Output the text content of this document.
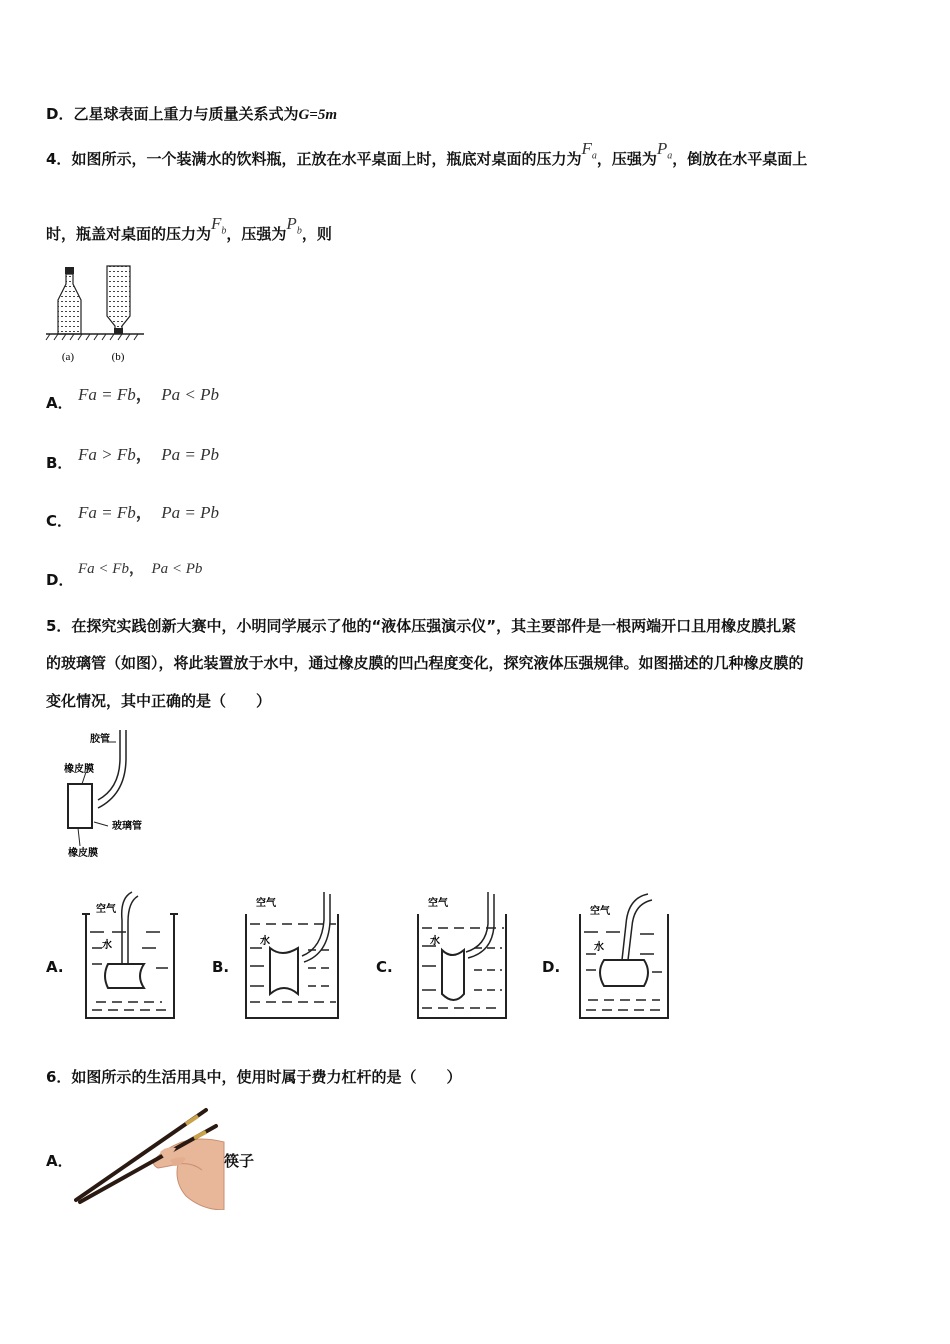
D．乙星球表面上重力与质量关系式为G=5m
4．如图所示，一个装满水的饮料瓶，正放在水平桌面上时，瓶底对桌面的压力为$F_a$，压强为$P_a$，倒放在水平桌面上
时，瓶盖对桌面的压力为$F_b$，压强为$P_b$，则
(a)	(b)
A． Fa = Fb， Pa < Pb
B． Fa > Fb， Pa = Pb
C． Fa = Fb， Pa = Pb
D．
Fa < Fb， Pa < Pb
5．在探究实践创新大赛中，小明同学展示了他的“液体压强演示仪”，其主要部件是一根两端开口且用橡皮膜扎紧
的玻璃管（如图），将此装置放于水中，通过橡皮膜的凹凸程度变化，探究液体压强规律。如图描述的几种橡皮膜的
变化情况，其中正确的是（　　）
胶管
橡皮膜
玻璃管
橡皮膜
A.	B.	C.	D.
空气
水
空气
水
空气
水
空气
水
6．如图所示的生活用具中，使用时属于费力杠杆的是（　　）
A．	筷子
